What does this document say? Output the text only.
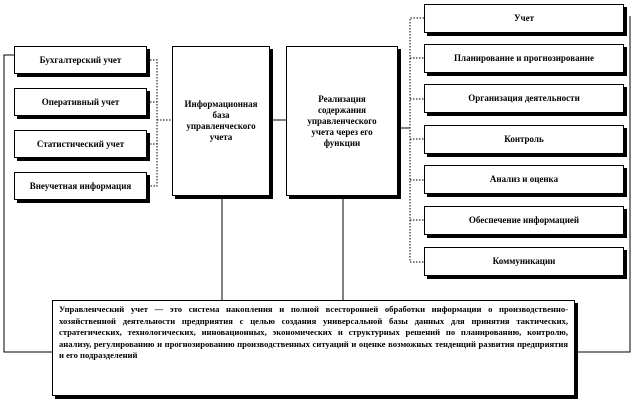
Бухгалтерский учет
Оперативный учет
Статистический учет
Внеучетная информация
Информационная база управленческого учета
Реализация содержания управленческого учета через его функции
Учет
Планирование и прогнозирование
Организация деятельности
Контроль
Анализ и оценка
Обеспечение информацией
Коммуникации
Управленческий учет — это система накопления и полной всесторонней обработки информации о производственно-хозяйственной деятельности предприятия с целью создания универсальной базы данных для принятия тактических, стратегических, технологических, инновационных, экономических и структурных решений по планированию, контролю, анализу, регулированию и прогнозированию производственных ситуаций и оценке возможных тенденций развития предприятия и его подразделений
